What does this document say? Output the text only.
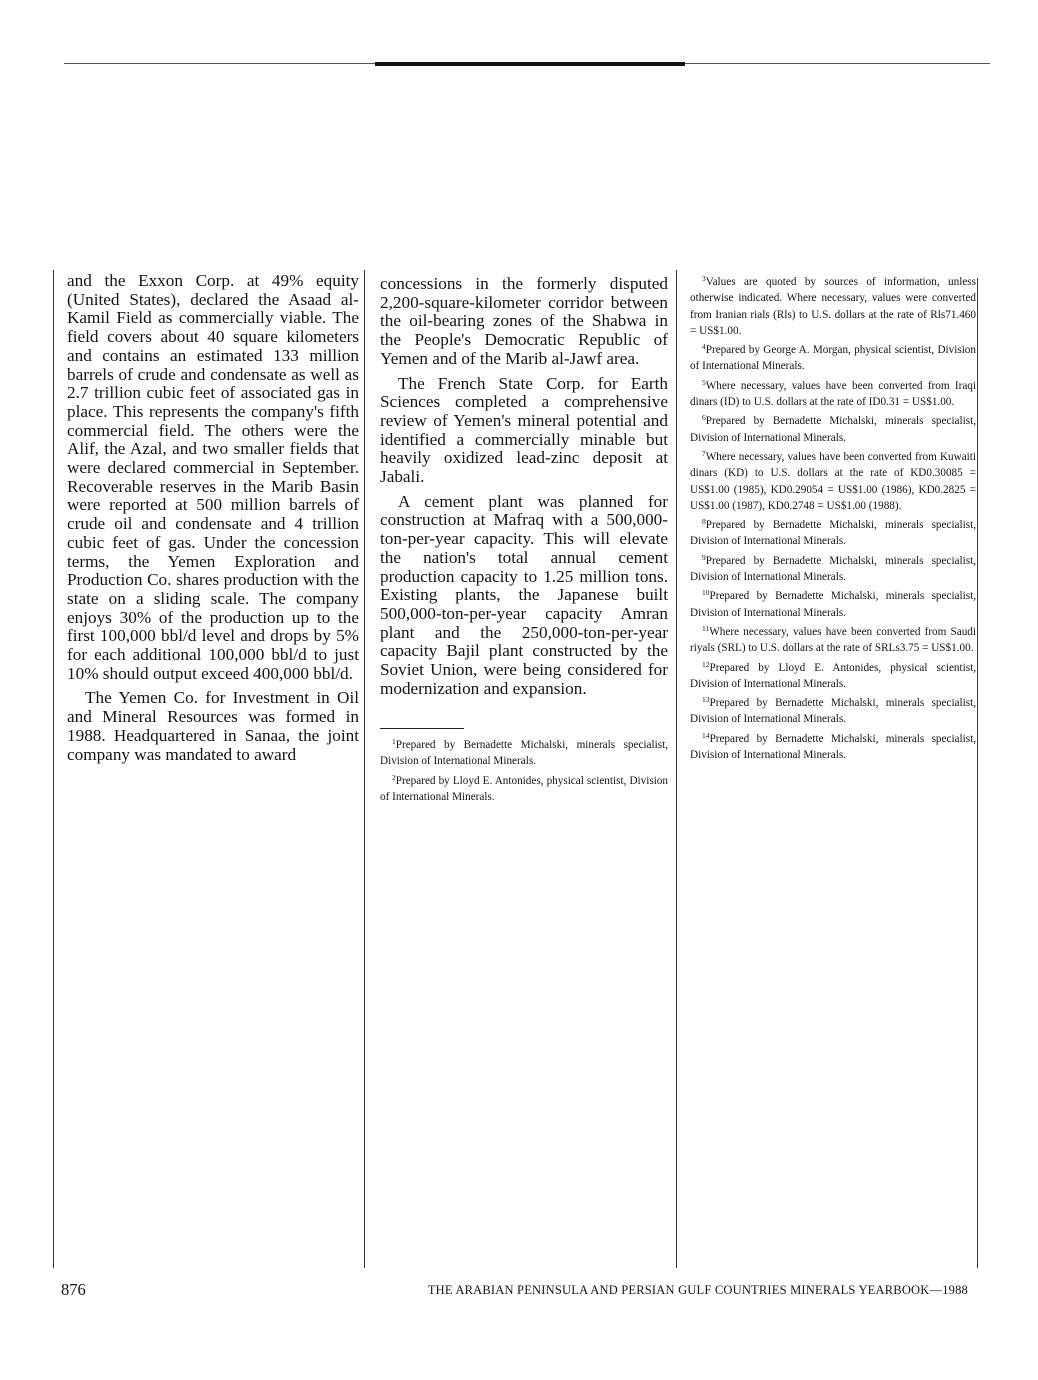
and the Exxon Corp. at 49% equity (United States), declared the Asaad al-Kamil Field as commercially viable. The field covers about 40 square kilometers and contains an estimated 133 million barrels of crude and condensate as well as 2.7 trillion cubic feet of associated gas in place. This represents the company's fifth commercial field. The others were the Alif, the Azal, and two smaller fields that were declared commercial in September. Recoverable reserves in the Marib Basin were reported at 500 million barrels of crude oil and condensate and 4 trillion cubic feet of gas. Under the concession terms, the Yemen Exploration and Production Co. shares production with the state on a sliding scale. The company enjoys 30% of the production up to the first 100,000 bbl/d level and drops by 5% for each additional 100,000 bbl/d to just 10% should output exceed 400,000 bbl/d.

The Yemen Co. for Investment in Oil and Mineral Resources was formed in 1988. Headquartered in Sanaa, the joint company was mandated to award

concessions in the formerly disputed 2,200-square-kilometer corridor between the oil-bearing zones of the Shabwa in the People's Democratic Republic of Yemen and of the Marib al-Jawf area.

The French State Corp. for Earth Sciences completed a comprehensive review of Yemen's mineral potential and identified a commercially minable but heavily oxidized lead-zinc deposit at Jabali.

A cement plant was planned for construction at Mafraq with a 500,000-ton-per-year capacity. This will elevate the nation's total annual cement production capacity to 1.25 million tons. Existing plants, the Japanese built 500,000-ton-per-year capacity Amran plant and the 250,000-ton-per-year capacity Bajil plant constructed by the Soviet Union, were being considered for modernization and expansion.

$^1$Prepared by Bernadette Michalski, minerals specialist, Division of International Minerals.

$^2$Prepared by Lloyd E. Antonides, physical scientist, Division of International Minerals.

$^3$Values are quoted by sources of information, unless otherwise indicated. Where necessary, values were converted from Iranian rials (Rls) to U.S. dollars at the rate of Rls71.460 = US$1.00.

$^4$Prepared by George A. Morgan, physical scientist, Division of International Minerals.

$^5$Where necessary, values have been converted from Iraqi dinars (ID) to U.S. dollars at the rate of ID0.31 = US$1.00.

$^6$Prepared by Bernadette Michalski, minerals specialist, Division of International Minerals.

$^7$Where necessary, values have been converted from Kuwaiti dinars (KD) to U.S. dollars at the rate of KD0.30085 = US$1.00 (1985), KD0.29054 = US$1.00 (1986), KD0.2825 = US$1.00 (1987), KD0.2748 = US$1.00 (1988).

$^8$Prepared by Bernadette Michalski, minerals specialist, Division of International Minerals.

$^9$Prepared by Bernadette Michalski, minerals specialist, Division of International Minerals.

$^{10}$Prepared by Bernadette Michalski, minerals specialist, Division of International Minerals.

$^{11}$Where necessary, values have been converted from Saudi riyals (SRL) to U.S. dollars at the rate of SRLs3.75 = US$1.00.

$^{12}$Prepared by Lloyd E. Antonides, physical scientist, Division of International Minerals.

$^{13}$Prepared by Bernadette Michalski, minerals specialist, Division of International Minerals.

$^{14}$Prepared by Bernadette Michalski, minerals specialist, Division of International Minerals.

876	THE ARABIAN PENINSULA AND PERSIAN GULF COUNTRIES MINERALS YEARBOOK—1988
